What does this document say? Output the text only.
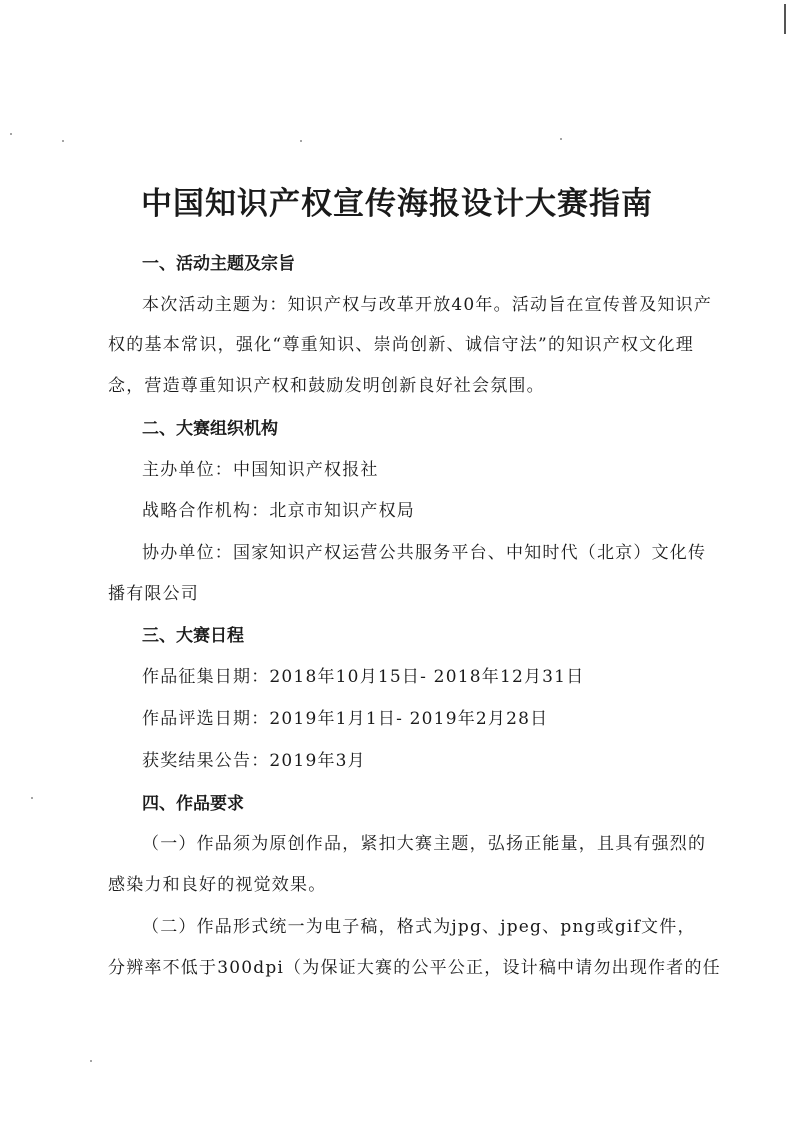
中国知识产权宣传海报设计大赛指南
一、活动主题及宗旨
本次活动主题为：知识产权与改革开放40年。活动旨在宣传普及知识产
权的基本常识，强化“尊重知识、崇尚创新、诚信守法”的知识产权文化理
念，营造尊重知识产权和鼓励发明创新良好社会氛围。
二、大赛组织机构
主办单位：中国知识产权报社
战略合作机构：北京市知识产权局
协办单位：国家知识产权运营公共服务平台、中知时代（北京）文化传
播有限公司
三、大赛日程
作品征集日期：2018年10月15日- 2018年12月31日
作品评选日期：2019年1月1日- 2019年2月28日
获奖结果公告：2019年3月
四、作品要求
（一）作品须为原创作品，紧扣大赛主题，弘扬正能量，且具有强烈的
感染力和良好的视觉效果。
（二）作品形式统一为电子稿，格式为jpg、jpeg、png或gif文件，
分辨率不低于300dpi（为保证大赛的公平公正，设计稿中请勿出现作者的任
